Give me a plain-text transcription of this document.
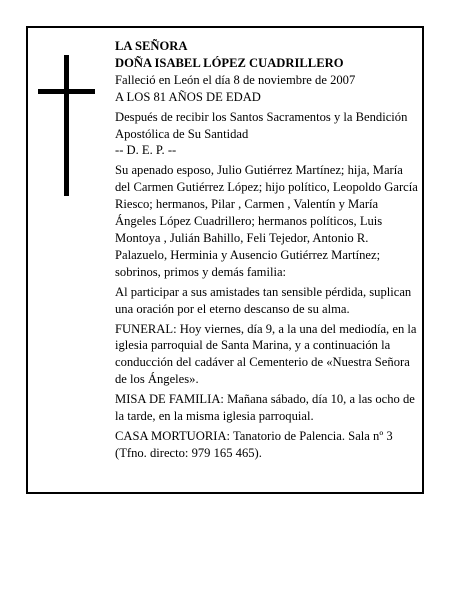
LA SEÑORA

DOÑA ISABEL LÓPEZ CUADRILLERO

Falleció en León el día 8 de noviembre de 2007

A LOS 81 AÑOS DE EDAD

Después de recibir los Santos Sacramentos y la Bendición Apostólica de Su Santidad

-- D. E. P. --

Su apenado esposo, Julio Gutiérrez Martínez; hija, María del Carmen Gutiérrez López; hijo político, Leopoldo García Riesco; hermanos, Pilar , Carmen , Valentín y María Ángeles López Cuadrillero; hermanos políticos, Luis Montoya , Julián Bahillo, Feli Tejedor, Antonio R. Palazuelo, Herminia y Ausencio Gutiérrez Martínez; sobrinos, primos y demás familia:

Al participar a sus amistades tan sensible pérdida, suplican una oración por el eterno descanso de su alma.

FUNERAL: Hoy viernes, día 9, a la una del mediodía, en la iglesia parroquial de Santa Marina, y a continuación la conducción del cadáver al Cementerio de «Nuestra Señora de los Ángeles».

MISA DE FAMILIA: Mañana sábado, día 10, a las ocho de la tarde, en la misma iglesia parroquial.

CASA MORTUORIA: Tanatorio de Palencia. Sala nº 3 (Tfno. directo: 979 165 465).
